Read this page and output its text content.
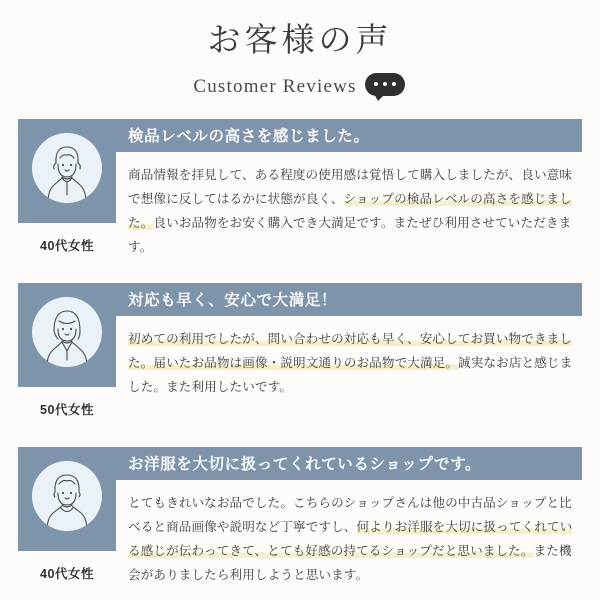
お客様の声
Customer Reviews
40代女性
検品レベルの高さを感じました。
商品情報を拝見して、ある程度の使用感は覚悟して購入しましたが、良い意味で想像に反してはるかに状態が良く、ショップの検品レベルの高さを感じました。良いお品物をお安く購入でき大満足です。またぜひ利用させていただきます。
50代女性
対応も早く、安心で大満足！
初めての利用でしたが、問い合わせの対応も早く、安心してお買い物できました。届いたお品物は画像・説明文通りのお品物で大満足。誠実なお店と感じました。また利用したいです。
40代女性
お洋服を大切に扱ってくれているショップです。
とてもきれいなお品でした。こちらのショップさんは他の中古品ショップと比べると商品画像や説明など丁寧ですし、何よりお洋服を大切に扱ってくれている感じが伝わってきて、とても好感の持てるショップだと思いました。また機会がありましたら利用しようと思います。
